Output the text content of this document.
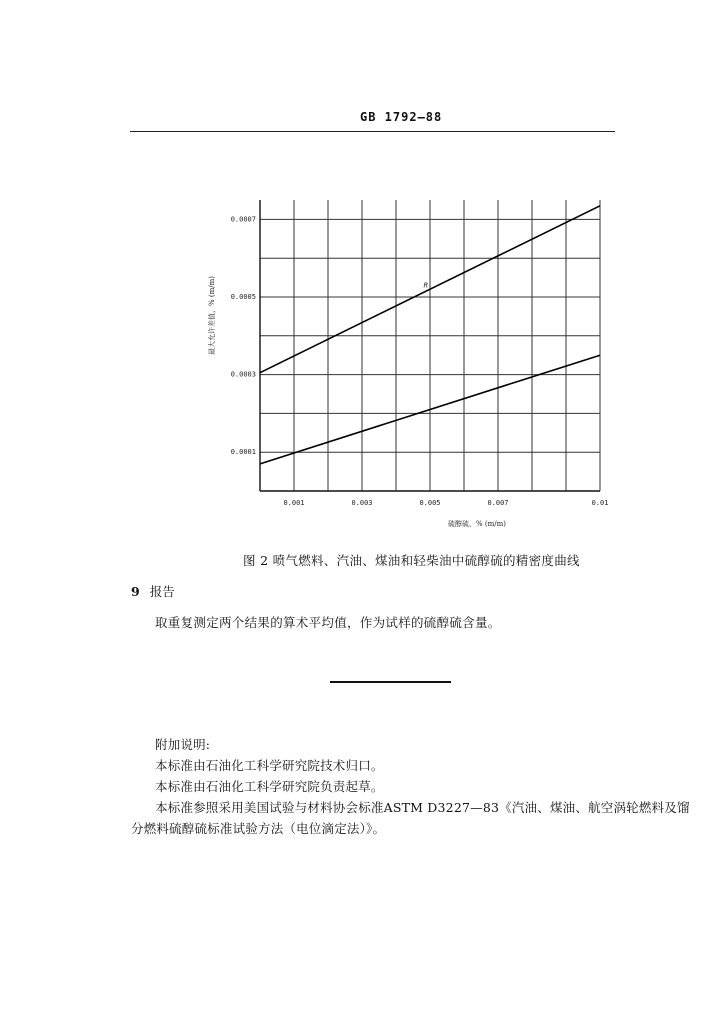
GB 1792—88
0.0007
0.0005
0.0003
0.0001
0.001	0.003	0.005	0.007	0.01
R
最大允许差值，% (m/m)
硫醇硫，% (m/m)
图 2 喷气燃料、汽油、煤油和轻柴油中硫醇硫的精密度曲线
9 报告
取重复测定两个结果的算术平均值，作为试样的硫醇硫含量。
附加说明:
本标准由石油化工科学研究院技术归口。
本标准由石油化工科学研究院负责起草。
本标准参照采用美国试验与材料协会标准ASTM D3227—83《汽油、煤油、航空涡轮燃料及馏
分燃料硫醇硫标准试验方法（电位滴定法）》。
